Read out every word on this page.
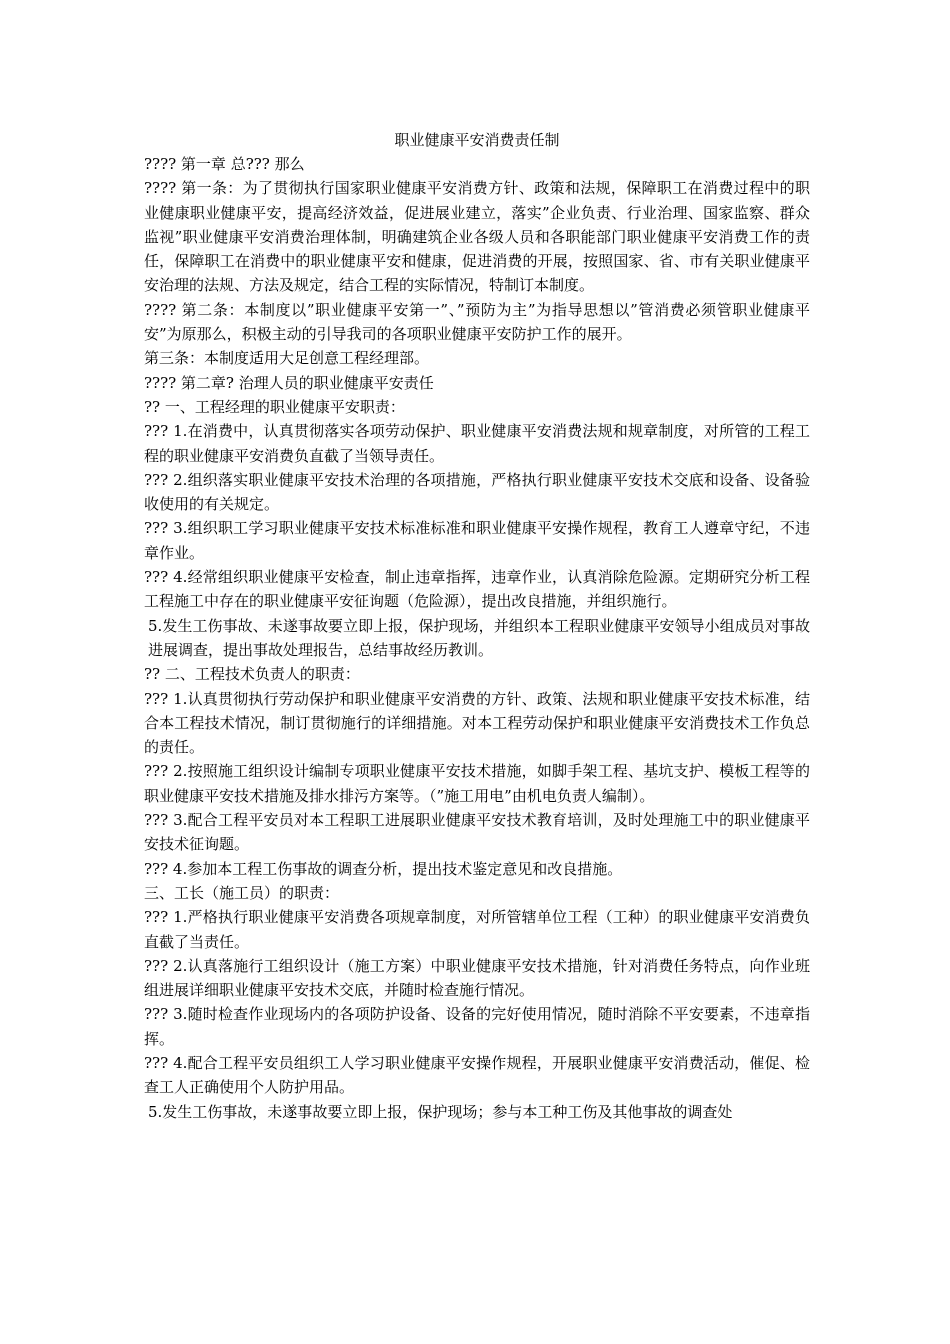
职业健康平安消费责任制

???? 第一章 总??? 那么

???? 第一条：为了贯彻执行国家职业健康平安消费方针、政策和法规，保障职工在消费过程中的职业健康职业健康平安，提高经济效益，促进展业建立，落实”企业负责、行业治理、国家监察、群众监视”职业健康平安消费治理体制，明确建筑企业各级人员和各职能部门职业健康平安消费工作的责任，保障职工在消费中的职业健康平安和健康，促进消费的开展，按照国家、省、市有关职业健康平安治理的法规、方法及规定，结合工程的实际情况，特制订本制度。

???? 第二条：本制度以”职业健康平安第一”、”预防为主”为指导思想以”管消费必须管职业健康平安”为原那么，积极主动的引导我司的各项职业健康平安防护工作的展开。

第三条：本制度适用大足创意工程经理部。

???? 第二章? 治理人员的职业健康平安责任

?? 一、工程经理的职业健康平安职责：

??? 1.在消费中，认真贯彻落实各项劳动保护、职业健康平安消费法规和规章制度，对所管的工程工程的职业健康平安消费负直截了当领导责任。

??? 2.组织落实职业健康平安技术治理的各项措施，严格执行职业健康平安技术交底和设备、设备验收使用的有关规定。

??? 3.组织职工学习职业健康平安技术标准标准和职业健康平安操作规程，教育工人遵章守纪，不违章作业。

??? 4.经常组织职业健康平安检查，制止违章指挥，违章作业，认真消除危险源。定期研究分析工程工程施工中存在的职业健康平安征询题（危险源），提出改良措施，并组织施行。

5.发生工伤事故、未遂事故要立即上报，保护现场，并组织本工程职业健康平安领导小组成员对事故进展调查，提出事故处理报告，总结事故经历教训。

?? 二、工程技术负责人的职责：

??? 1.认真贯彻执行劳动保护和职业健康平安消费的方针、政策、法规和职业健康平安技术标准，结合本工程技术情况，制订贯彻施行的详细措施。对本工程劳动保护和职业健康平安消费技术工作负总的责任。

??? 2.按照施工组织设计编制专项职业健康平安技术措施，如脚手架工程、基坑支护、模板工程等的职业健康平安技术措施及排水排污方案等。（”施工用电”由机电负责人编制）。

??? 3.配合工程平安员对本工程职工进展职业健康平安技术教育培训，及时处理施工中的职业健康平安技术征询题。

??? 4.参加本工程工伤事故的调查分析，提出技术鉴定意见和改良措施。

三、工长（施工员）的职责：

??? 1.严格执行职业健康平安消费各项规章制度，对所管辖单位工程（工种）的职业健康平安消费负直截了当责任。

??? 2.认真落施行工组织设计（施工方案）中职业健康平安技术措施，针对消费任务特点，向作业班组进展详细职业健康平安技术交底，并随时检查施行情况。

??? 3.随时检查作业现场内的各项防护设备、设备的完好使用情况，随时消除不平安要素，不违章指挥。

??? 4.配合工程平安员组织工人学习职业健康平安操作规程，开展职业健康平安消费活动，催促、检查工人正确使用个人防护用品。

5.发生工伤事故，未遂事故要立即上报，保护现场；参与本工种工伤及其他事故的调查处
